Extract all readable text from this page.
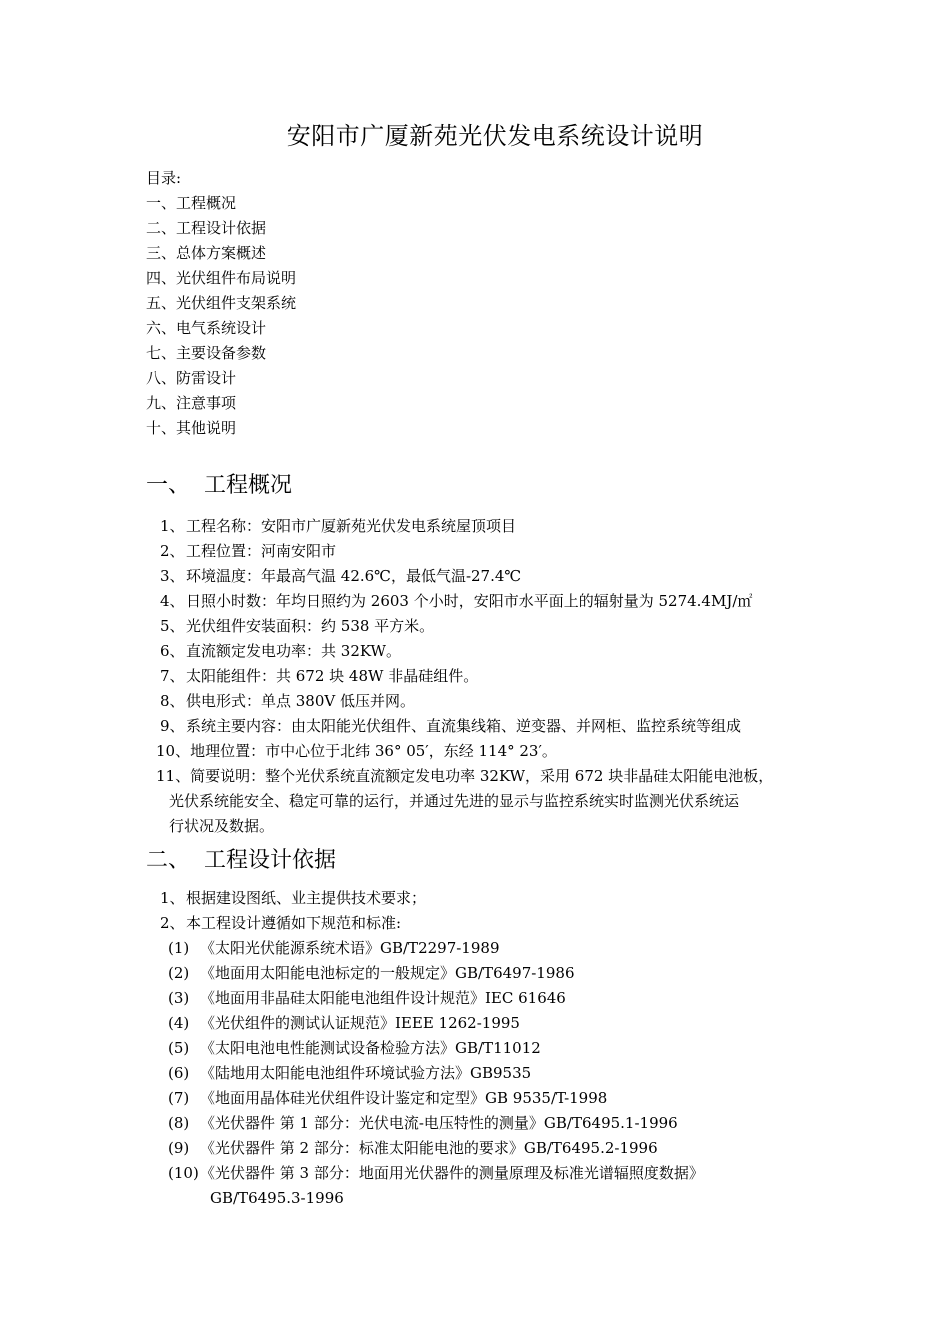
安阳市广厦新苑光伏发电系统设计说明
目录:
一、工程概况
二、工程设计依据
三、总体方案概述
四、光伏组件布局说明
五、光伏组件支架系统
六、电气系统设计
七、主要设备参数
八、防雷设计
九、注意事项
十、其他说明
一、 工程概况
1、 工程名称：安阳市广厦新苑光伏发电系统屋顶项目
2、 工程位置：河南安阳市
3、 环境温度：年最高气温 42.6℃，最低气温-27.4℃
4、 日照小时数：年均日照约为 2603 个小时，安阳市水平面上的辐射量为 5274.4MJ/㎡
5、 光伏组件安装面积：约 538 平方米。
6、 直流额定发电功率：共 32KW。
7、 太阳能组件：共 672 块 48W 非晶硅组件。
8、 供电形式：单点 380V 低压并网。
9、 系统主要内容：由太阳能光伏组件、直流集线箱、逆变器、并网柜、监控系统等组成
10、 地理位置：市中心位于北纬 36° 05′，东经 114° 23′。
11、 简要说明：整个光伏系统直流额定发电功率 32KW，采用 672 块非晶硅太阳能电池板，
光伏系统能安全、稳定可靠的运行，并通过先进的显示与监控系统实时监测光伏系统运
行状况及数据。
二、 工程设计依据
1、 根据建设图纸、业主提供技术要求；
2、 本工程设计遵循如下规范和标准:
(1) 《太阳光伏能源系统术语》GB/T2297-1989
(2) 《地面用太阳能电池标定的一般规定》GB/T6497-1986
(3) 《地面用非晶硅太阳能电池组件设计规范》IEC 61646
(4) 《光伏组件的测试认证规范》IEEE 1262-1995
(5) 《太阳电池电性能测试设备检验方法》GB/T11012
(6) 《陆地用太阳能电池组件环境试验方法》GB9535
(7) 《地面用晶体硅光伏组件设计鉴定和定型》GB 9535/T-1998
(8) 《光伏器件 第 1 部分：光伏电流-电压特性的测量》GB/T6495.1-1996
(9) 《光伏器件 第 2 部分：标准太阳能电池的要求》GB/T6495.2-1996
(10) 《光伏器件 第 3 部分：地面用光伏器件的测量原理及标准光谱辐照度数据》
GB/T6495.3-1996
